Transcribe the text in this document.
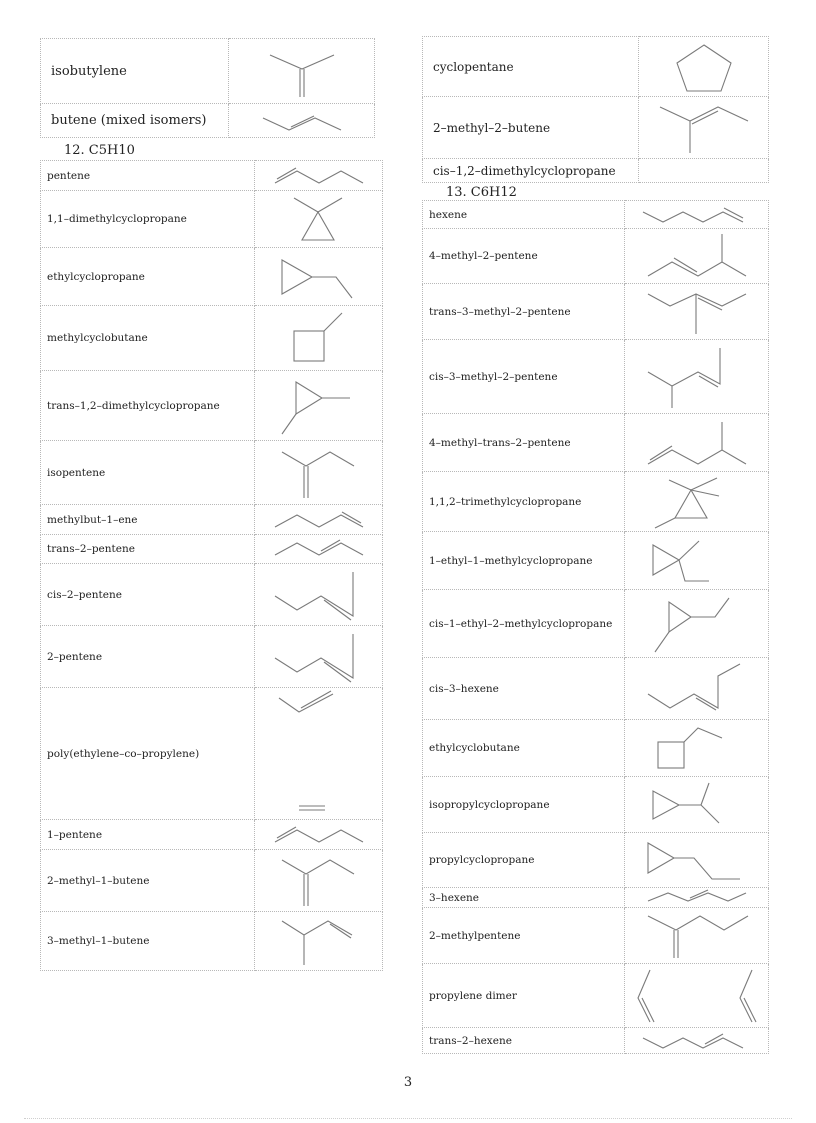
isobutylene	

butene (mixed isomers)	
12. C5H10
pentene	

1,1–dimethylcyclopropane	

ethylcyclopropane	

methylcyclobutane	

trans–1,2–dimethylcyclopropane	

isopentene	

methylbut–1–ene	

trans–2–pentene	

cis–2–pentene	

2–pentene	

poly(ethylene–co–propylene)	

1–pentene	

2–methyl–1–butene	

3–methyl–1–butene	
cyclopentane	

2–methyl–2–butene	

cis–1,2–dimethylcyclopropane	
13. C6H12
hexene	

4–methyl–2–pentene	

trans–3–methyl–2–pentene	

cis–3–methyl–2–pentene	

4–methyl–trans–2–pentene	

1,1,2–trimethylcyclopropane	

1–ethyl–1–methylcyclopropane	

cis–1–ethyl–2–methylcyclopropane	

cis–3–hexene	

ethylcyclobutane	

isopropylcyclopropane	

propylcyclopropane	

3–hexene	

2–methylpentene	

propylene dimer	

trans–2–hexene	
3
